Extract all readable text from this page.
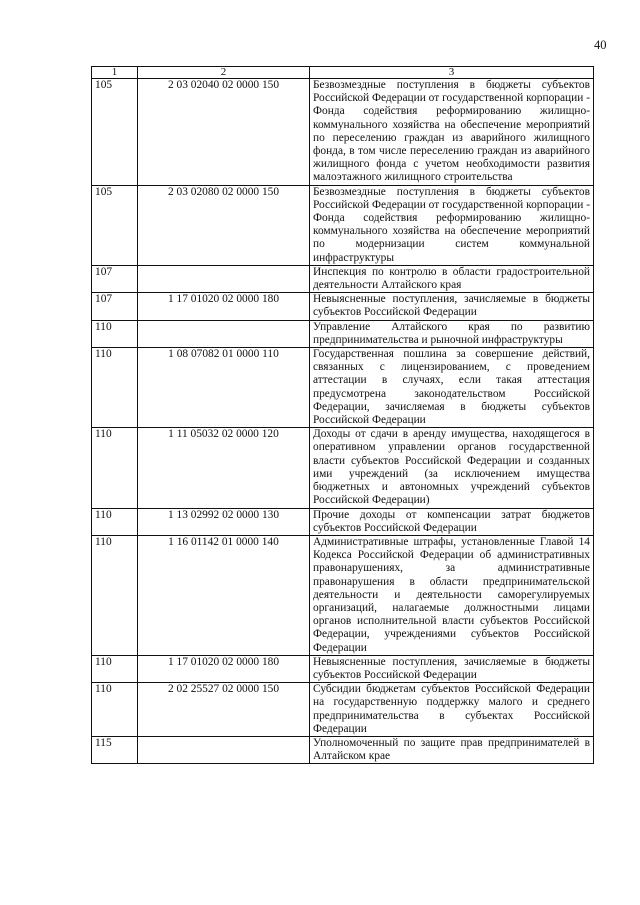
40
1	2	3
105	2 03 02040 02 0000 150	Безвозмездные поступления в бюджеты субъектов Российской Федерации от государственной корпорации - Фонда содействия реформированию жилищно-коммунального хозяйства на обеспечение мероприятий по переселению граждан из аварийного жилищного фонда, в том числе переселению граждан из аварийного жилищного фонда с учетом необходимости развития малоэтажного жилищного строительства
105	2 03 02080 02 0000 150	Безвозмездные поступления в бюджеты субъектов Российской Федерации от государственной корпорации - Фонда содействия реформированию жилищно-коммунального хозяйства на обеспечение мероприятий по модернизации систем коммунальной инфраструктуры
107		Инспекция по контролю в области градостроительной деятельности Алтайского края
107	1 17 01020 02 0000 180	Невыясненные поступления, зачисляемые в бюджеты субъектов Российской Федерации
110		Управление Алтайского края по развитию предпринимательства и рыночной инфраструктуры
110	1 08 07082 01 0000 110	Государственная пошлина за совершение действий, связанных с лицензированием, с проведением аттестации в случаях, если такая аттестация предусмотрена законодательством Российской Федерации, зачисляемая в бюджеты субъектов Российской Федерации
110	1 11 05032 02 0000 120	Доходы от сдачи в аренду имущества, находящегося в оперативном управлении органов государственной власти субъектов Российской Федерации и созданных ими учреждений (за исключением имущества бюджетных и автономных учреждений субъектов Российской Федерации)
110	1 13 02992 02 0000 130	Прочие доходы от компенсации затрат бюджетов субъектов Российской Федерации
110	1 16 01142 01 0000 140	Административные штрафы, установленные Главой 14 Кодекса Российской Федерации об административных правонарушениях, за административные правонарушения в области предпринимательской деятельности и деятельности саморегулируемых организаций, налагаемые должностными лицами органов исполнительной власти субъектов Российской Федерации, учреждениями субъектов Российской Федерации
110	1 17 01020 02 0000 180	Невыясненные поступления, зачисляемые в бюджеты субъектов Российской Федерации
110	2 02 25527 02 0000 150	Субсидии бюджетам субъектов Российской Федерации на государственную поддержку малого и среднего предпринимательства в субъектах Российской Федерации
115		Уполномоченный по защите прав предпринимателей в Алтайском крае
